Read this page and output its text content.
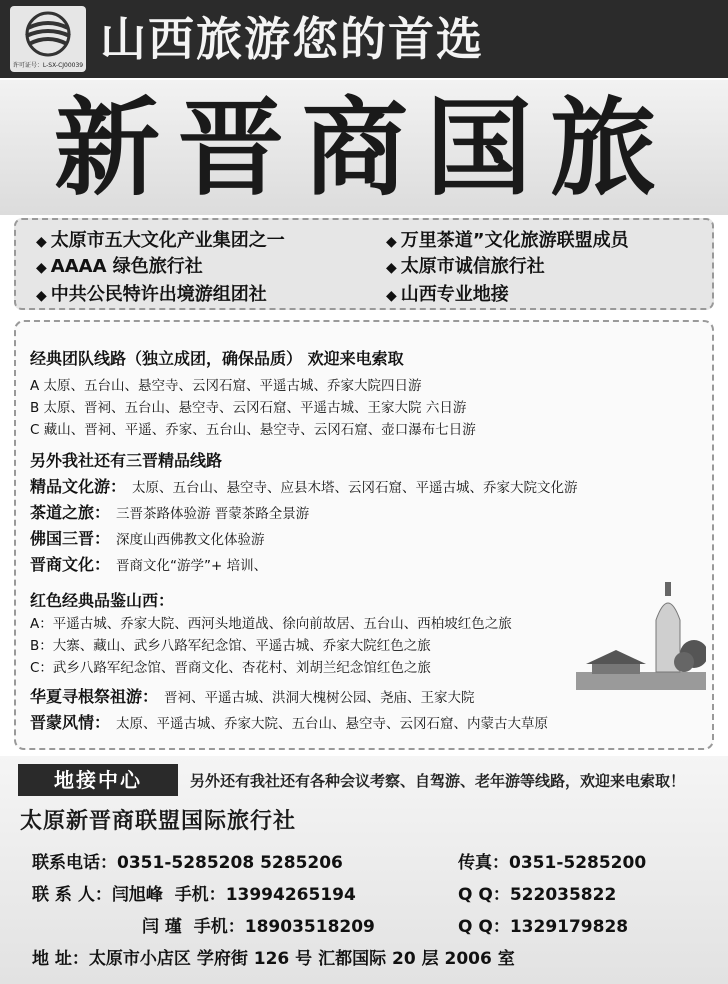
许可证号：L-SX-CJ00039 山西旅游您的首选
新晋商国旅
◆ 太原市五大文化产业集团之一	◆ 万里茶道”文化旅游联盟成员
◆ AAAA 绿色旅行社	◆ 太原市诚信旅行社
◆ 中共公民特许出境游组团社	◆ 山西专业地接
经典团队线路（独立成团，确保品质） 欢迎来电索取
A 太原、五台山、悬空寺、云冈石窟、平遥古城、乔家大院四日游
B 太原、晋祠、五台山、悬空寺、云冈石窟、平遥古城、王家大院 六日游
C 藏山、晋祠、平遥、乔家、五台山、悬空寺、云冈石窟、壶口瀑布七日游
另外我社还有三晋精品线路
精品文化游： 太原、五台山、悬空寺、应县木塔、云冈石窟、平遥古城、乔家大院文化游
茶道之旅： 三晋茶路体验游 晋蒙茶路全景游
佛国三晋： 深度山西佛教文化体验游
晋商文化： 晋商文化“游学”+ 培训、
红色经典品鉴山西：
A：平遥古城、乔家大院、西河头地道战、徐向前故居、五台山、西柏坡红色之旅
B：大寨、藏山、武乡八路军纪念馆、平遥古城、乔家大院红色之旅
C：武乡八路军纪念馆、晋商文化、杏花村、刘胡兰纪念馆红色之旅
华夏寻根祭祖游： 晋祠、平遥古城、洪洞大槐树公园、尧庙、王家大院
晋蒙风情： 太原、平遥古城、乔家大院、五台山、悬空寺、云冈石窟、内蒙古大草原
地接中心	另外还有我社还有各种会议考察、自驾游、老年游等线路，欢迎来电索取！
太原新晋商联盟国际旅行社
联系电话：0351-5285208 5285206	传真：0351-5285200
联 系 人：闫旭峰 手机：13994265194	Q Q：522035822
闫 瑾 手机：18903518209	Q Q：1329179828
地 址：太原市小店区 学府街 126 号 汇都国际 20 层 2006 室
